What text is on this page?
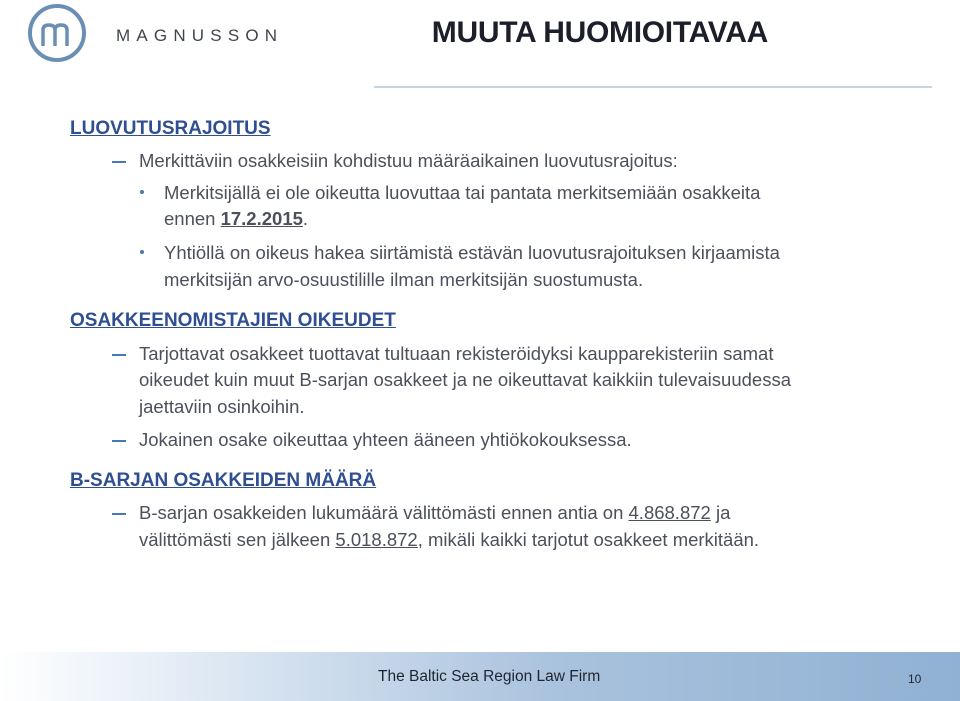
MAGNUSSON	MUUTA HUOMIOITAVAA
LUOVUTUSRAJOITUS
Merkittäviin osakkeisiin kohdistuu määräaikainen luovutusrajoitus:
Merkitsijällä ei ole oikeutta luovuttaa tai pantata merkitsemiään osakkeita
ennen 17.2.2015.
Yhtiöllä on oikeus hakea siirtämistä estävän luovutusrajoituksen kirjaamista
merkitsijän arvo-osuustilille ilman merkitsijän suostumusta.
OSAKKEENOMISTAJIEN OIKEUDET
Tarjottavat osakkeet tuottavat tultuaan rekisteröidyksi kaupparekisteriin samat
oikeudet kuin muut B-sarjan osakkeet ja ne oikeuttavat kaikkiin tulevaisuudessa
jaettaviin osinkoihin.
Jokainen osake oikeuttaa yhteen ääneen yhtiökokouksessa.
B-SARJAN OSAKKEIDEN MÄÄRÄ
B-sarjan osakkeiden lukumäärä välittömästi ennen antia on 4.868.872 ja
välittömästi sen jälkeen 5.018.872, mikäli kaikki tarjotut osakkeet merkitään.
The Baltic Sea Region Law Firm	10
